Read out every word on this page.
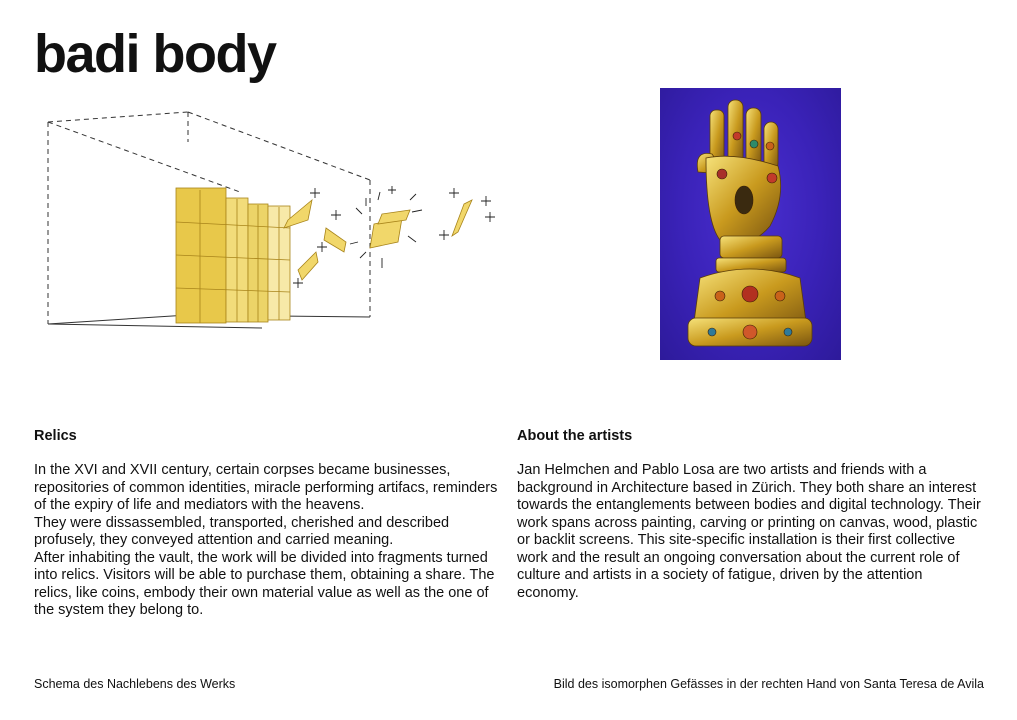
badi body
Relics

In the XVI and XVII century, certain corpses became businesses, repositories of common identities, miracle performing artifacs, reminders of the expiry of life and mediators with the heavens.

They were dissassembled, transported, cherished and described profusely, they conveyed attention and carried meaning.

After inhabiting the vault, the work will be divided into fragments turned into relics. Visitors will be able to purchase them, obtaining a share. The relics, like coins, embody their own material value as well as the one of the system they belong to.

About the artists

Jan Helmchen and Pablo Losa are two artists and friends with a background in Architecture based in Zürich. They both share an interest towards the entanglements between bodies and digital technology. Their work spans across painting, carving or printing on canvas, wood, plastic or backlit screens. This site-specific installation is their first collective work and the result an ongoing conversation about the current role of culture and artists in a society of fatigue, driven by the attention economy.

Schema des Nachlebens des Werks	Bild des isomorphen Gefässes in der rechten Hand von Santa Teresa de Avila
